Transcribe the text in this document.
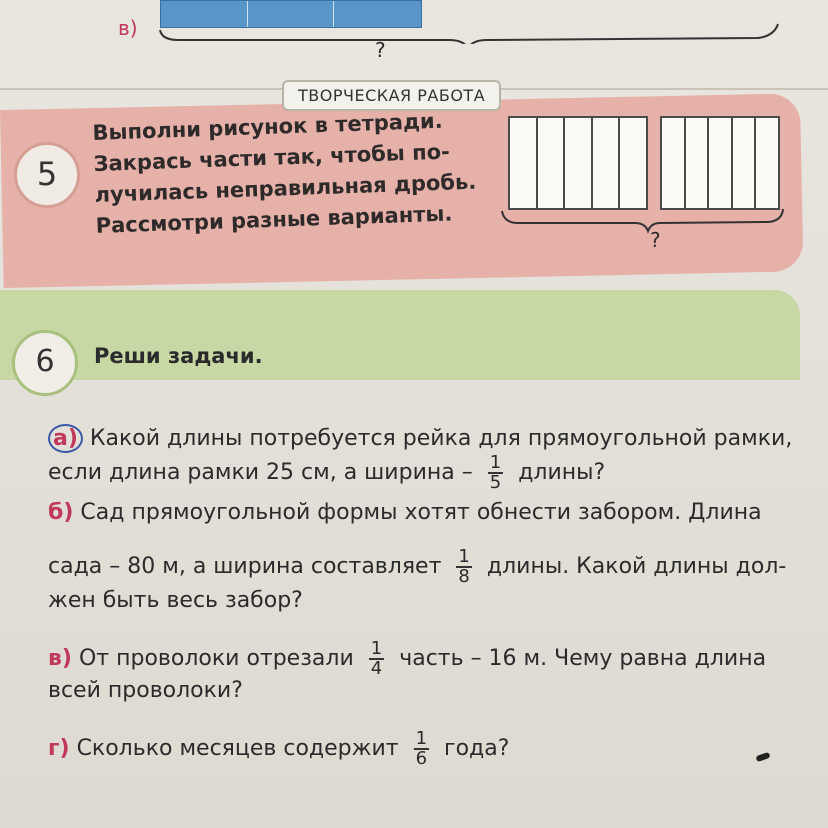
в)
?
ТВОРЧЕСКАЯ РАБОТА
5
Выполни рисунок в тетради.
Закрась части так, чтобы по-
лучилась неправильная дробь.
Рассмотри разные варианты.
?
6	Реши задачи.
а) Какой длины потребуется рейка для прямоугольной рамки,
если длина рамки 25 см, а ширина – $\frac{1}{5}$ длины?
б) Сад прямоугольной формы хотят обнести забором. Длина
сада – 80 м, а ширина составляет $\frac{1}{8}$ длины. Какой длины дол-
жен быть весь забор?
в) От проволоки отрезали $\frac{1}{4}$ часть – 16 м. Чему равна длина
всей проволоки?
г) Сколько месяцев содержит $\frac{1}{6}$ года?
